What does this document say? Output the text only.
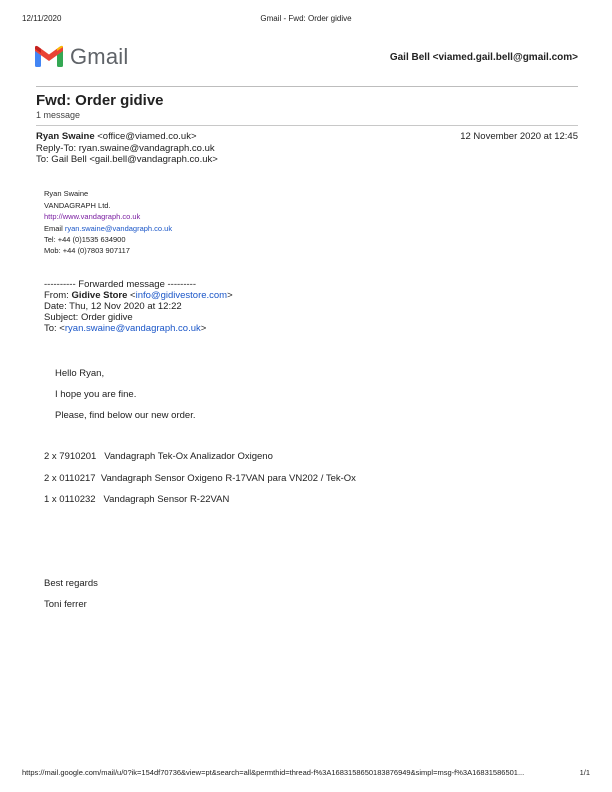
12/11/2020	Gmail - Fwd: Order gidive
Gmail	Gail Bell <viamed.gail.bell@gmail.com>
Fwd: Order gidive
1 message
Ryan Swaine <office@viamed.co.uk>	12 November 2020 at 12:45
Reply-To: ryan.swaine@vandagraph.co.uk
To: Gail Bell <gail.bell@vandagraph.co.uk>
Ryan Swaine
VANDAGRAPH Ltd.
http://www.vandagraph.co.uk
Email ryan.swaine@vandagraph.co.uk
Tel: +44 (0)1535 634900
Mob: +44 (0)7803 907117
---------- Forwarded message ---------
From: Gidive Store <info@gidivestore.com>
Date: Thu, 12 Nov 2020 at 12:22
Subject: Order gidive
To: <ryan.swaine@vandagraph.co.uk>
Hello Ryan,
I hope you are fine.
Please, find below our new order.
2 x 7910201   Vandagraph Tek-Ox Analizador Oxigeno
2 x 0110217  Vandagraph Sensor Oxigeno R-17VAN para VN202 / Tek-Ox
1 x 0110232   Vandagraph Sensor R-22VAN
Best regards
Toni ferrer
https://mail.google.com/mail/u/0?ik=154df70736&view=pt&search=all&permthid=thread-f%3A1683158650183876949&simpl=msg-f%3A16831586501...	1/1
